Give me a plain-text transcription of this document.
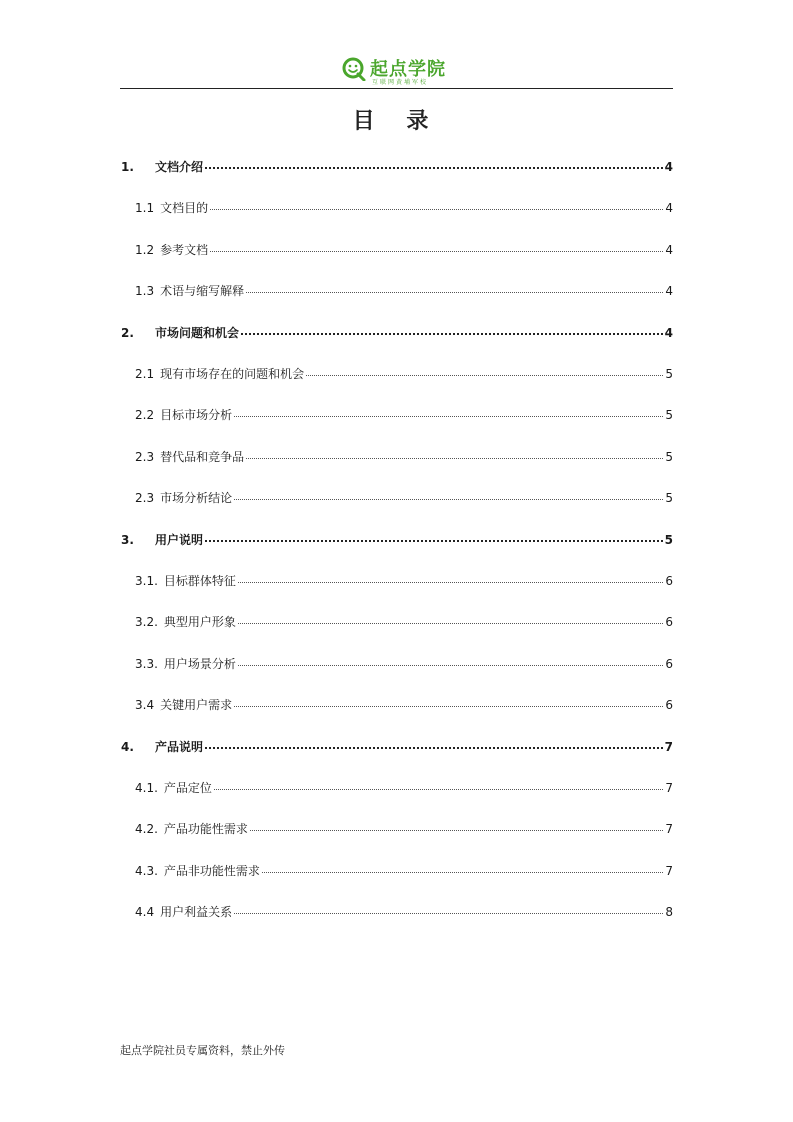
起点学院
互联网黄埔军校
目 录
1.	文档介绍	4
1.1 文档目的	4
1.2 参考文档	4
1.3 术语与缩写解释	4
2.	市场问题和机会	4
2.1 现有市场存在的问题和机会	5
2.2 目标市场分析	5
2.3 替代品和竞争品	5
2.3 市场分析结论	5
3.	用户说明	5
3.1. 目标群体特征	6
3.2. 典型用户形象	6
3.3. 用户场景分析	6
3.4 关键用户需求	6
4.	产品说明	7
4.1. 产品定位	7
4.2. 产品功能性需求	7
4.3. 产品非功能性需求	7
4.4 用户利益关系	8
起点学院社员专属资料，禁止外传
